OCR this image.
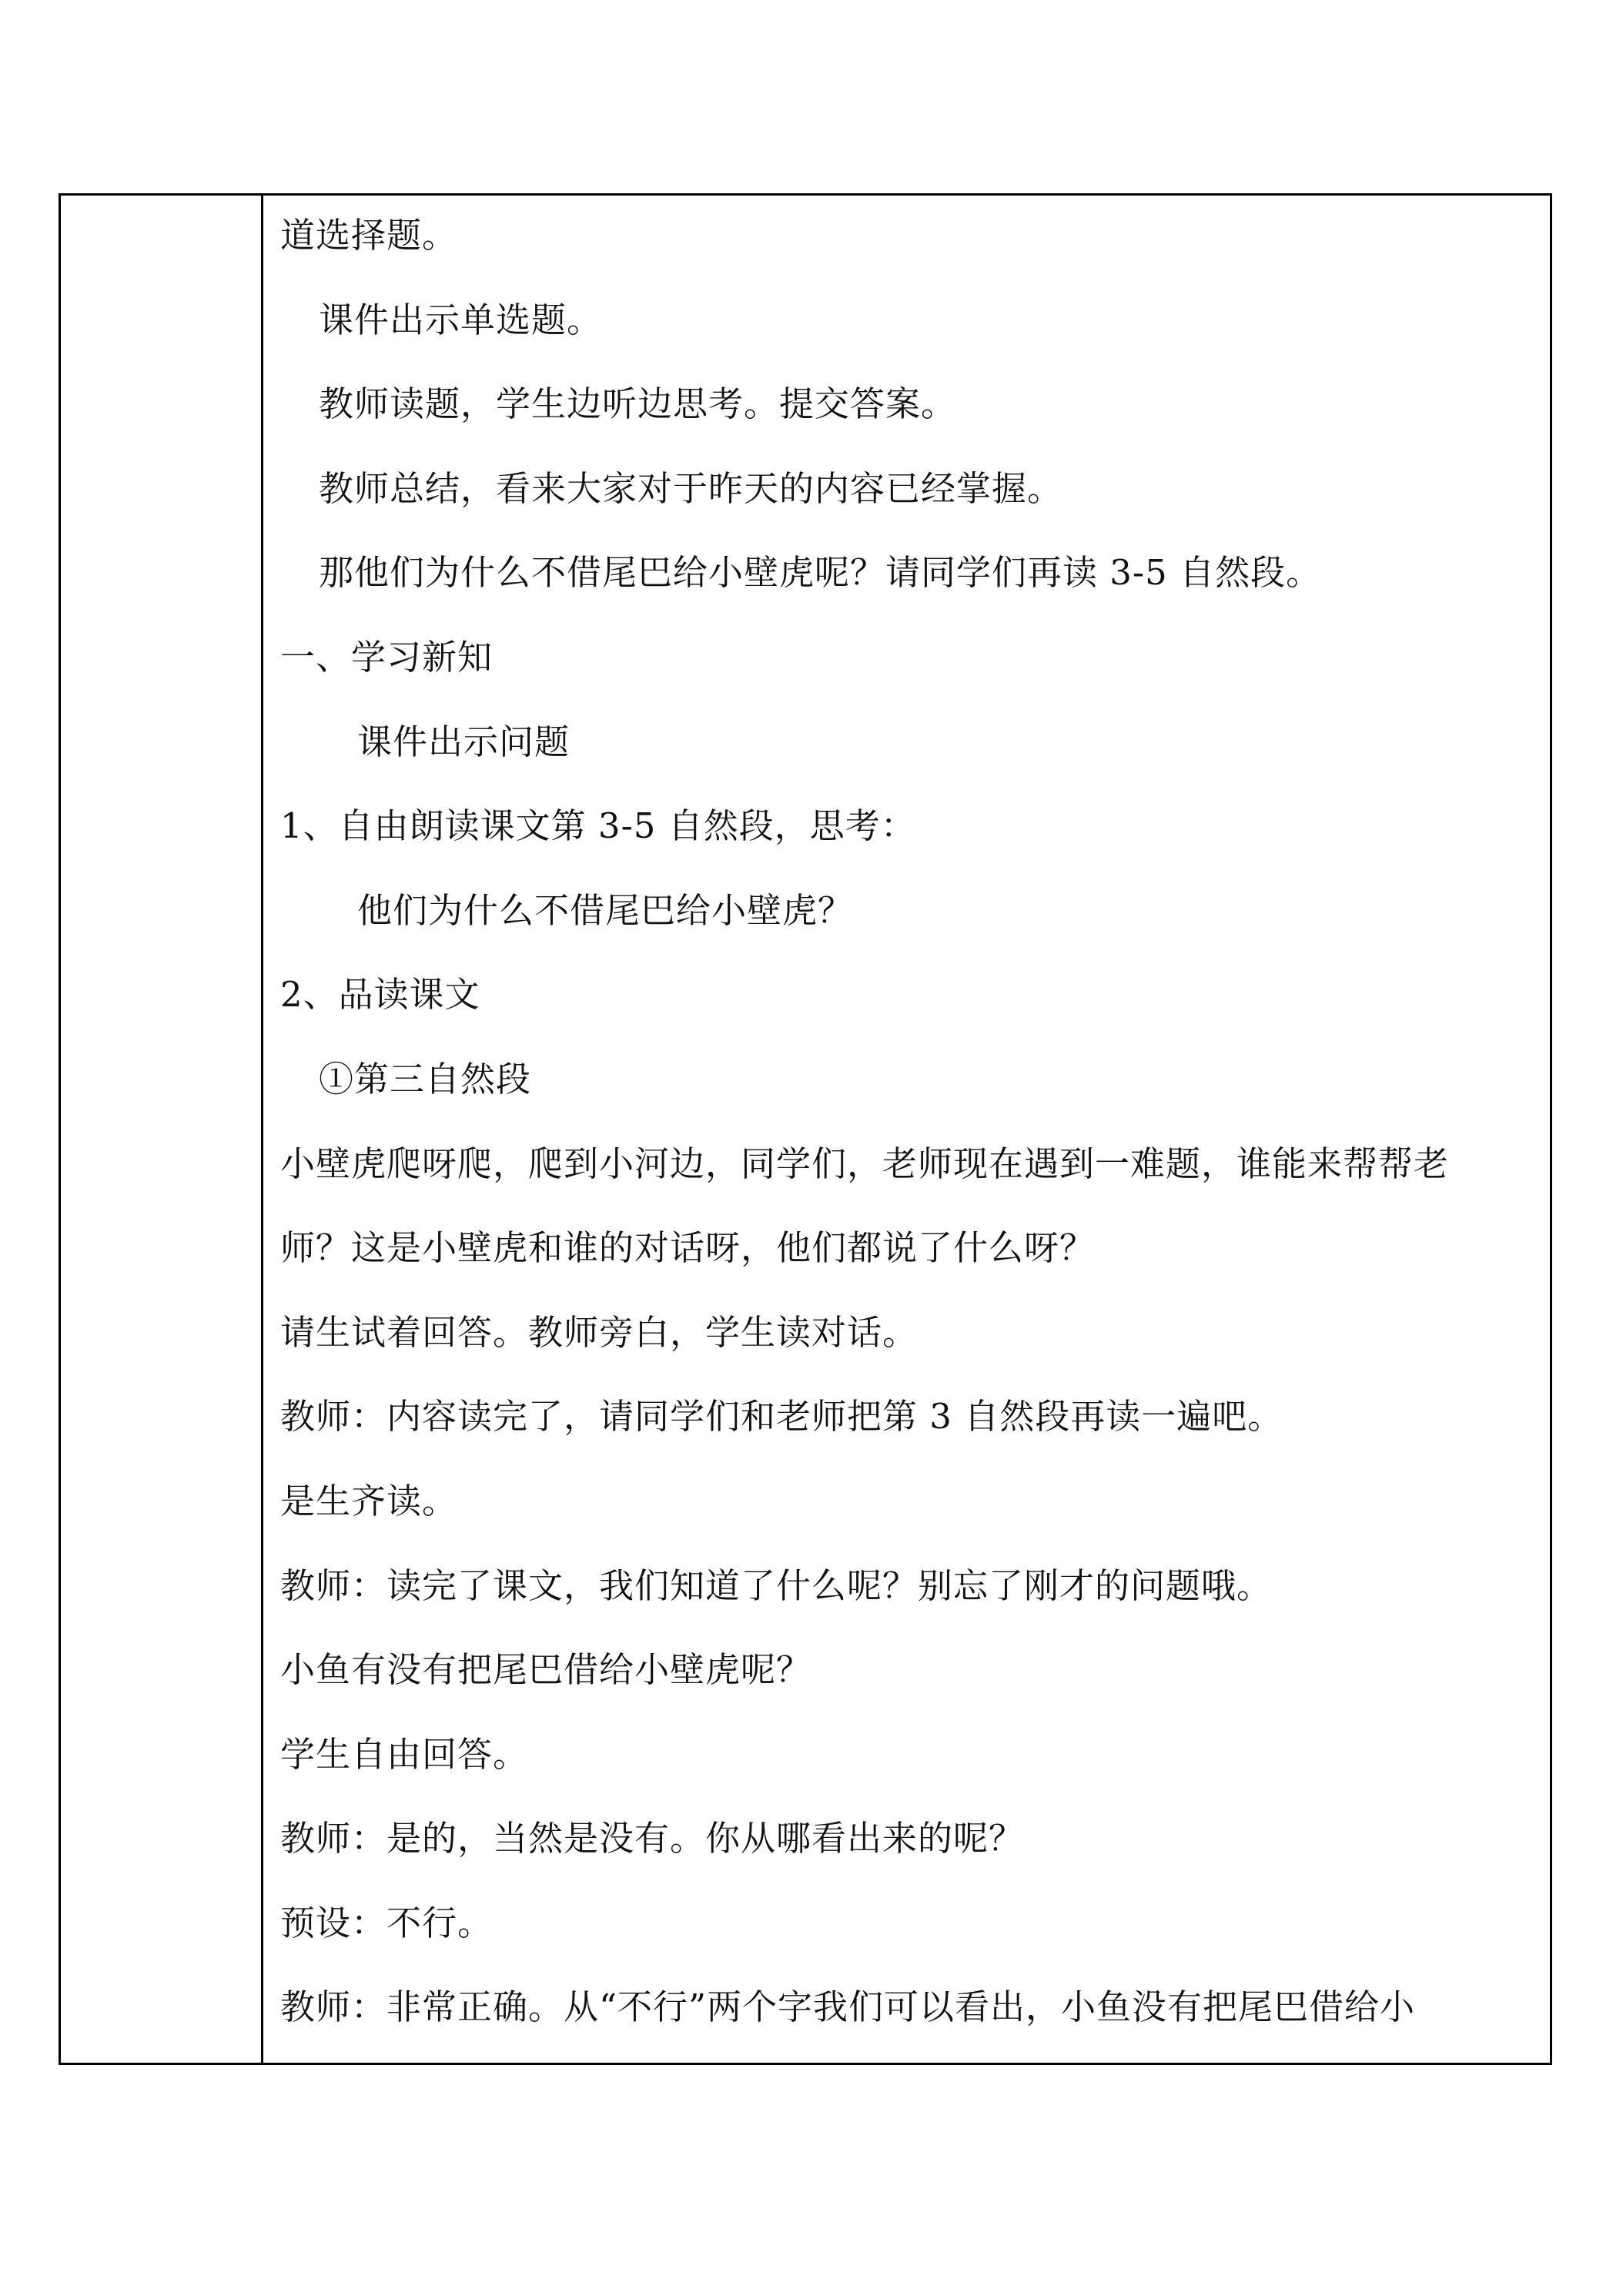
道选择题。
课件出示单选题。
教师读题，学生边听边思考。提交答案。
教师总结，看来大家对于昨天的内容已经掌握。
那他们为什么不借尾巴给小壁虎呢？请同学们再读 3-5 自然段。
一、学习新知
课件出示问题
1、自由朗读课文第 3-5 自然段，思考：
他们为什么不借尾巴给小壁虎？
2、品读课文
①第三自然段
小壁虎爬呀爬，爬到小河边，同学们，老师现在遇到一难题，谁能来帮帮老
师？这是小壁虎和谁的对话呀，他们都说了什么呀？
请生试着回答。教师旁白，学生读对话。
教师：内容读完了，请同学们和老师把第 3 自然段再读一遍吧。
是生齐读。
教师：读完了课文，我们知道了什么呢？别忘了刚才的问题哦。
小鱼有没有把尾巴借给小壁虎呢？
学生自由回答。
教师：是的，当然是没有。你从哪看出来的呢？
预设：不行。
教师：非常正确。从“不行”两个字我们可以看出，小鱼没有把尾巴借给小
